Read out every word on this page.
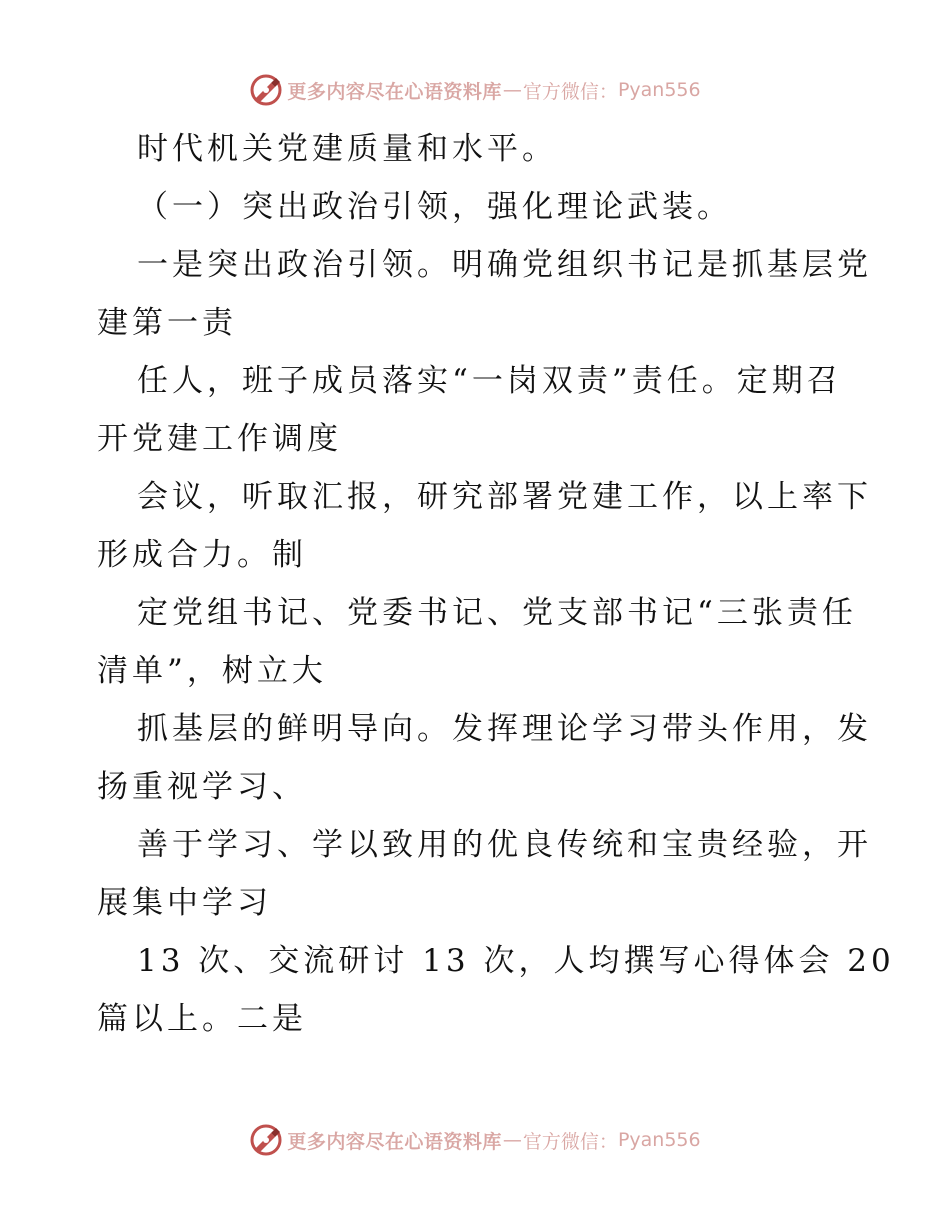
更多内容尽在心语资料库 — 官方微信： Pyan556

时代机关党建质量和水平。

（一）突出政治引领，强化理论武装。

一是突出政治引领。明确党组织书记是抓基层党

建第一责

任人，班子成员落实“一岗双责”责任。定期召

开党建工作调度

会议，听取汇报，研究部署党建工作，以上率下

形成合力。制

定党组书记、党委书记、党支部书记“三张责任

清单”，树立大

抓基层的鲜明导向。发挥理论学习带头作用，发

扬重视学习、

善于学习、学以致用的优良传统和宝贵经验，开

展集中学习

13 次、交流研讨 13 次，人均撰写心得体会 20

篇以上。二是

更多内容尽在心语资料库 — 官方微信： Pyan556
